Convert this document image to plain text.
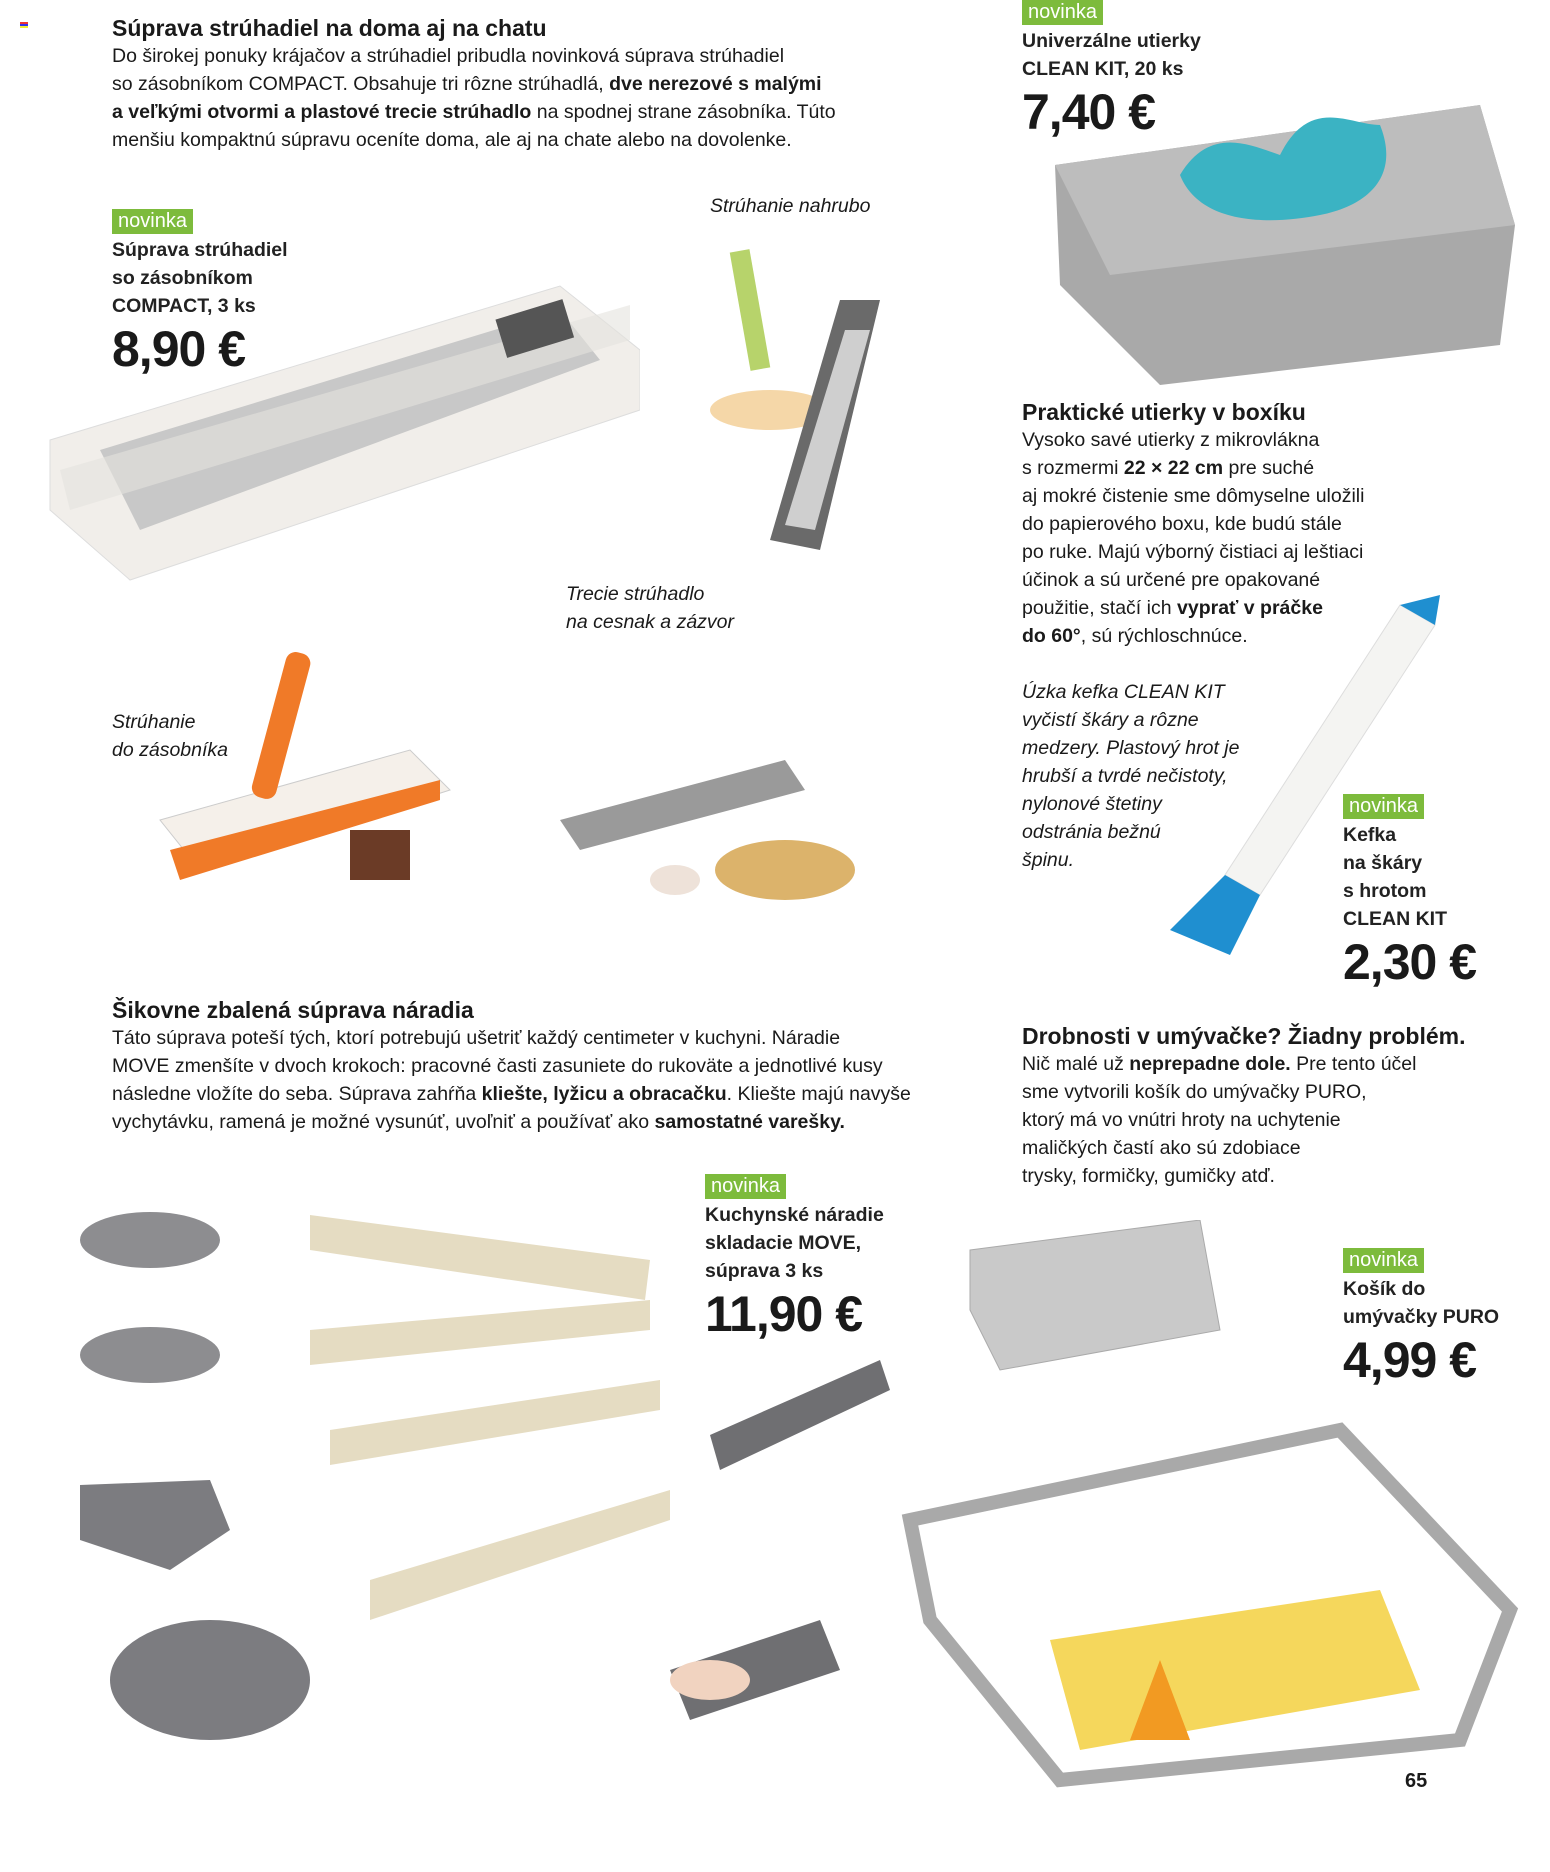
Súprava strúhadiel na doma aj na chatu
Do širokej ponuky krájačov a strúhadiel pribudla novinková súprava strúhadiel
so zásobníkom COMPACT. Obsahuje tri rôzne strúhadlá, dve nerezové s malými
a veľkými otvormi a plastové trecie strúhadlo na spodnej strane zásobníka. Túto
menšiu kompaktnú súpravu oceníte doma, ale aj na chate alebo na dovolenke.
novinka
Súprava strúhadiel
so zásobníkom
COMPACT, 3 ks
8,90 €
Strúhanie nahrubo
Trecie strúhadlo
na cesnak a zázvor
Strúhanie
do zásobníka
novinka
Univerzálne utierky
CLEAN KIT, 20 ks
7,40 €
Praktické utierky v boxíku
Vysoko savé utierky z mikrovlákna
s rozmermi 22 × 22 cm pre suché
aj mokré čistenie sme dômyselne uložili
do papierového boxu, kde budú stále
po ruke. Majú výborný čistiaci aj leštiaci
účinok a sú určené pre opakované
použitie, stačí ich vyprať v práčke
do 60°, sú rýchloschnúce.
Úzka kefka CLEAN KIT
vyčistí škáry a rôzne
medzery. Plastový hrot je
hrubší a tvrdé nečistoty,
nylonové štetiny
odstránia bežnú
špinu.
novinka
Kefka
na škáry
s hrotom
CLEAN KIT
2,30 €
Šikovne zbalená súprava náradia
Táto súprava poteší tých, ktorí potrebujú ušetriť každý centimeter v kuchyni. Náradie
MOVE zmenšíte v dvoch krokoch: pracovné časti zasuniete do rukoväte a jednotlivé kusy
následne vložíte do seba. Súprava zahŕňa kliešte, lyžicu a obracačku. Kliešte majú navyše
vychytávku, ramená je možné vysunúť, uvoľniť a používať ako samostatné varešky.
novinka
Kuchynské náradie
skladacie MOVE,
súprava 3 ks
11,90 €
Drobnosti v umývačke? Žiadny problém.
Nič malé už neprepadne dole. Pre tento účel
sme vytvorili košík do umývačky PURO,
ktorý má vo vnútri hroty na uchytenie
maličkých častí ako sú zdobiace
trysky, formičky, gumičky atď.
novinka
Košík do
umývačky PURO
4,99 €
65
